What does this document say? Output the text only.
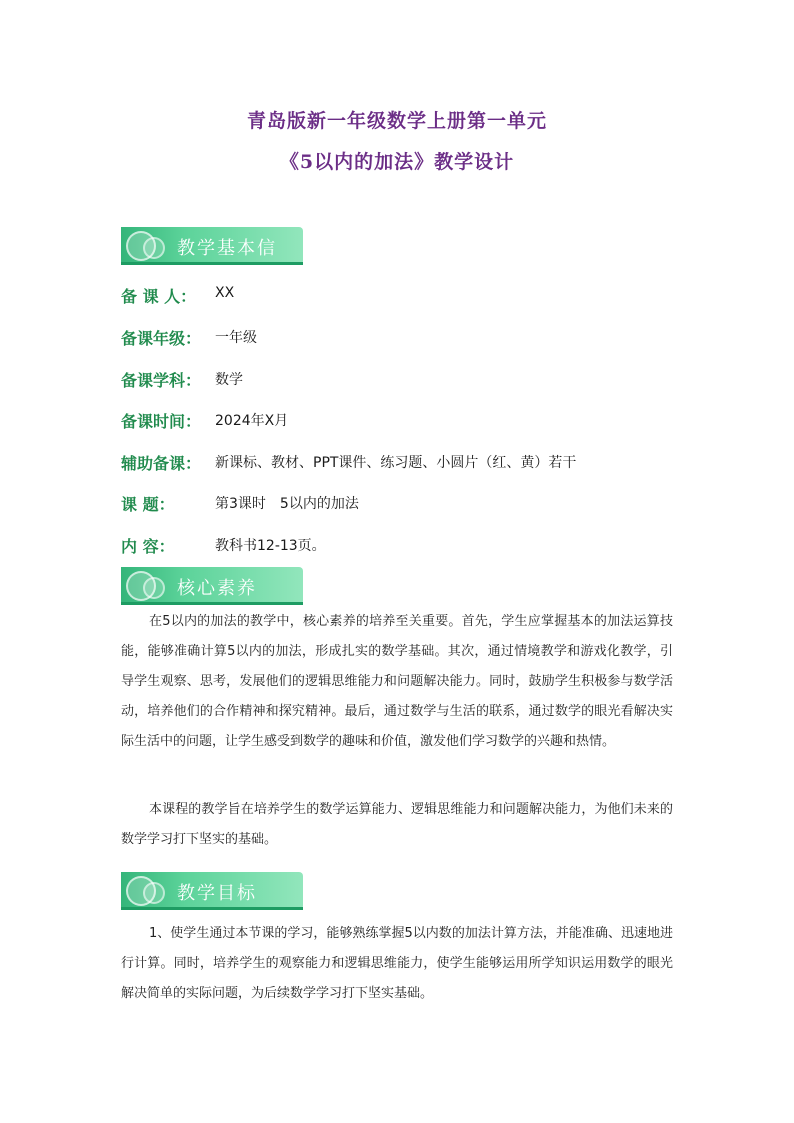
青岛版新一年级数学上册第一单元
《5以内的加法》教学设计
教学基本信
备 课 人：	XX
备课年级： 一年级
备课学科： 数学
备课时间： 2024年X月
辅助备课： 新课标、教材、PPT课件、练习题、小圆片（红、黄）若干
课 题：	第3课时　5以内的加法
内 容：	教科书12-13页。
核心素养
在5以内的加法的教学中，核心素养的培养至关重要。首先，学生应掌握基本的加法运算技能，能够准确计算5以内的加法，形成扎实的数学基础。其次，通过情境教学和游戏化教学，引导学生观察、思考，发展他们的逻辑思维能力和问题解决能力。同时，鼓励学生积极参与数学活动，培养他们的合作精神和探究精神。最后，通过数学与生活的联系，通过数学的眼光看解决实际生活中的问题，让学生感受到数学的趣味和价值，激发他们学习数学的兴趣和热情。
本课程的教学旨在培养学生的数学运算能力、逻辑思维能力和问题解决能力，为他们未来的数学学习打下坚实的基础。
教学目标
1、使学生通过本节课的学习，能够熟练掌握5以内数的加法计算方法，并能准确、迅速地进行计算。同时，培养学生的观察能力和逻辑思维能力，使学生能够运用所学知识运用数学的眼光解决简单的实际问题，为后续数学学习打下坚实基础。
